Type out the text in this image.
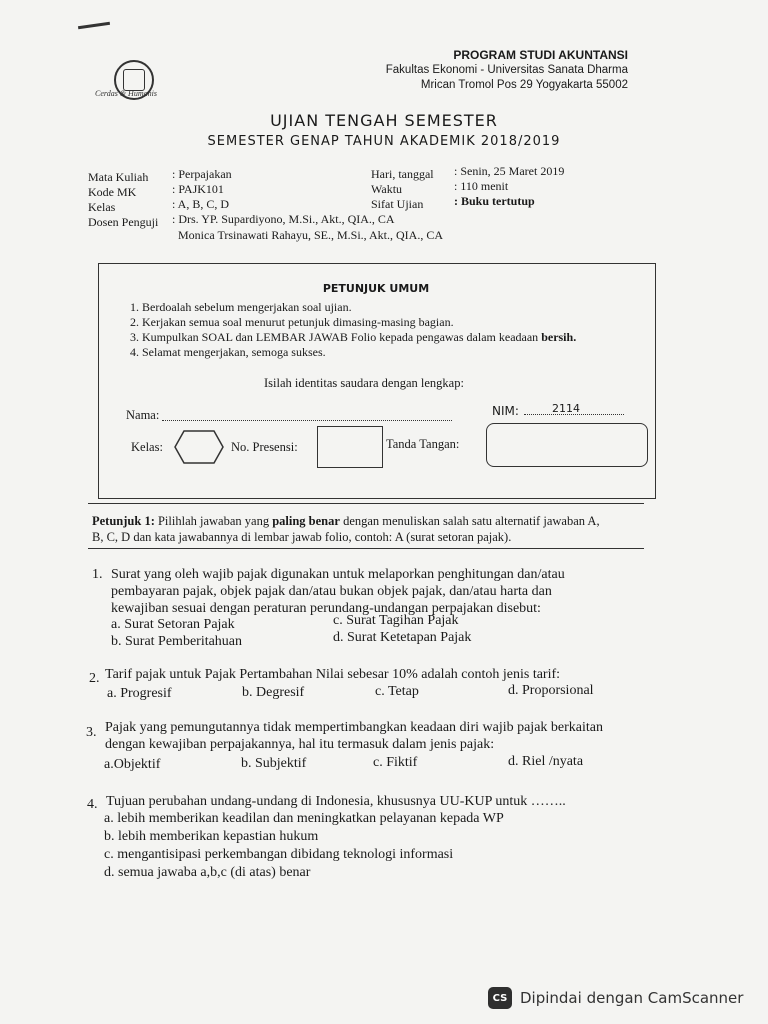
Cerdas & Humanis
PROGRAM STUDI AKUNTANSI
Fakultas Ekonomi - Universitas Sanata Dharma
Mrican Tromol Pos 29 Yogyakarta 55002
UJIAN TENGAH SEMESTER
SEMESTER GENAP TAHUN AKADEMIK 2018/2019
Mata Kuliah : Perpajakan
Kode MK	: PAJK101
Kelas	: A, B, C, D
Dosen Penguji : Drs. YP. Supardiyono, M.Si., Akt., QIA., CA
Monica Trsinawati Rahayu, SE., M.Si., Akt., QIA., CA
Hari, tanggal : Senin, 25 Maret 2019
Waktu	: 110 menit
Sifat Ujian	: Buku tertutup
PETUNJUK UMUM
1. Berdoalah sebelum mengerjakan soal ujian.
2. Kerjakan semua soal menurut petunjuk dimasing-masing bagian.
3. Kumpulkan SOAL dan LEMBAR JAWAB Folio kepada pengawas dalam keadaan bersih.
4. Selamat mengerjakan, semoga sukses.
Isilah identitas saudara dengan lengkap:
Nama:	NIM:	2114
Kelas:	No. Presensi:	Tanda Tangan:
Petunjuk 1: Pilihlah jawaban yang paling benar dengan menuliskan salah satu alternatif jawaban A,
B, C, D dan kata jawabannya di lembar jawab folio, contoh: A (surat setoran pajak).
1. Surat yang oleh wajib pajak digunakan untuk melaporkan penghitungan dan/atau
pembayaran pajak, objek pajak dan/atau bukan objek pajak, dan/atau harta dan
kewajiban sesuai dengan peraturan perundang-undangan perpajakan disebut:
a. Surat Setoran Pajak
b. Surat Pemberitahuan
c. Surat Tagihan Pajak
d. Surat Ketetapan Pajak
2. Tarif pajak untuk Pajak Pertambahan Nilai sebesar 10% adalah contoh jenis tarif:
a. Progresif	b. Degresif	c. Tetap	d. Proporsional
3. Pajak yang pemungutannya tidak mempertimbangkan keadaan diri wajib pajak berkaitan
dengan kewajiban perpajakannya, hal itu termasuk dalam jenis pajak:
a.Objektif	b. Subjektif	c. Fiktif	d. Riel /nyata
4. Tujuan perubahan undang-undang di Indonesia, khususnya UU-KUP untuk ……..
a. lebih memberikan keadilan dan meningkatkan pelayanan kepada WP
b. lebih memberikan kepastian hukum
c. mengantisipasi perkembangan dibidang teknologi informasi
d. semua jawaba a,b,c (di atas) benar
CS Dipindai dengan CamScanner
